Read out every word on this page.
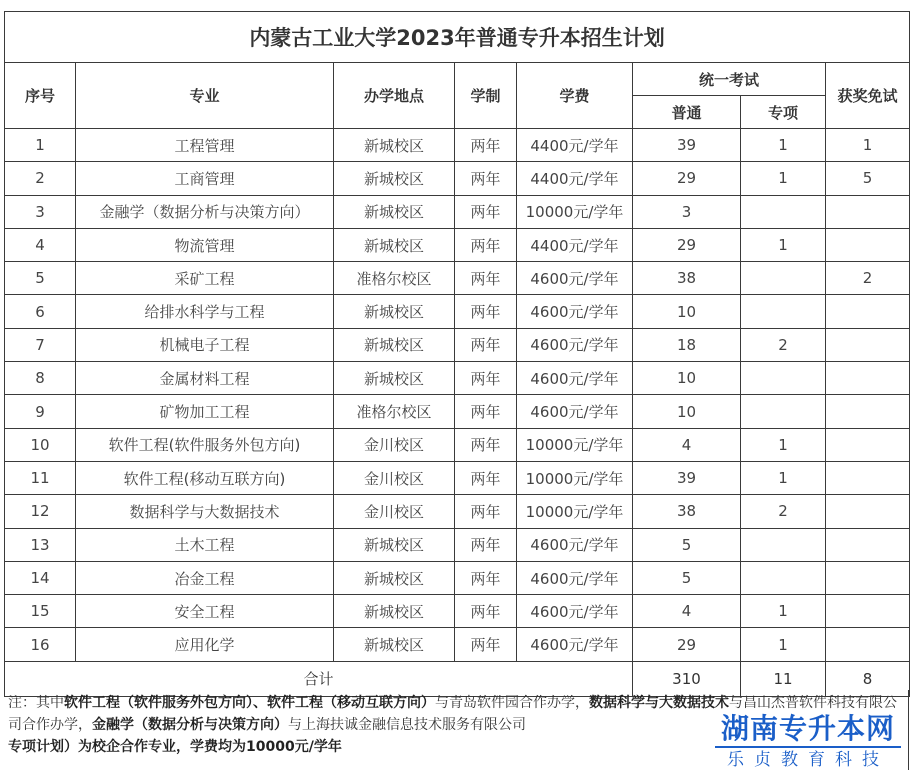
内蒙古工业大学2023年普通专升本招生计划							
序号	专业	办学地点	学制	学费	统一考试		获奖免试
					普通	专项	
1	工程管理	新城校区	两年	4400元/学年	39	1	1
2	工商管理	新城校区	两年	4400元/学年	29	1	5
3	金融学（数据分析与决策方向）	新城校区	两年	10000元/学年	3		
4	物流管理	新城校区	两年	4400元/学年	29	1	
5	采矿工程	准格尔校区	两年	4600元/学年	38		2
6	给排水科学与工程	新城校区	两年	4600元/学年	10		
7	机械电子工程	新城校区	两年	4600元/学年	18	2	
8	金属材料工程	新城校区	两年	4600元/学年	10		
9	矿物加工工程	准格尔校区	两年	4600元/学年	10		
10	软件工程(软件服务外包方向)	金川校区	两年	10000元/学年	4	1	
11	软件工程(移动互联方向)	金川校区	两年	10000元/学年	39	1	
12	数据科学与大数据技术	金川校区	两年	10000元/学年	38	2	
13	土木工程	新城校区	两年	4600元/学年	5		
14	冶金工程	新城校区	两年	4600元/学年	5		
15	安全工程	新城校区	两年	4600元/学年	4	1	
16	应用化学	新城校区	两年	4600元/学年	29	1	
合计					310	11	8
注：其中软件工程（软件服务外包方向）、软件工程（移动互联方向）与青岛软件园合作办学，数据科学与大数据技术与昌山杰普软件科技有限公司合作办学，金融学（数据分析与决策方向）与上海扶诚金融信息技术服务有限公司
专项计划）为校企合作专业，学费均为10000元/学年
湖南专升本网
乐贞教育科技
